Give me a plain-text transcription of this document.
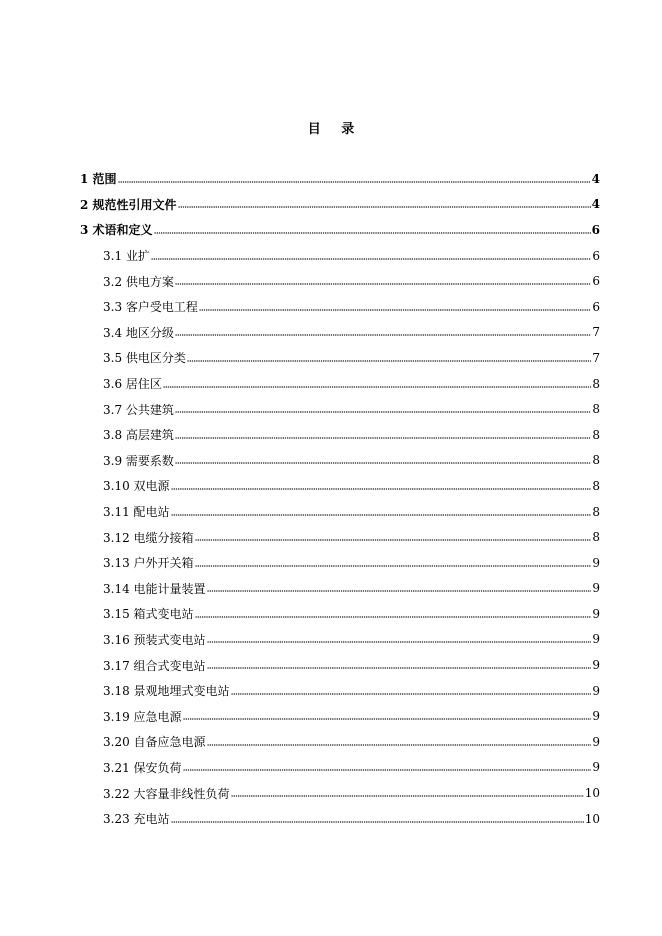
目 录
1 范围	4
2 规范性引用文件	4
3 术语和定义	6
3.1 业扩	6
3.2 供电方案	6
3.3 客户受电工程	6
3.4 地区分级	7
3.5 供电区分类	7
3.6 居住区	8
3.7 公共建筑	8
3.8 高层建筑	8
3.9 需要系数	8
3.10 双电源	8
3.11 配电站	8
3.12 电缆分接箱	8
3.13 户外开关箱	9
3.14 电能计量装置	9
3.15 箱式变电站	9
3.16 预装式变电站	9
3.17 组合式变电站	9
3.18 景观地埋式变电站	9
3.19 应急电源	9
3.20 自备应急电源	9
3.21 保安负荷	9
3.22 大容量非线性负荷	10
3.23 充电站	10
